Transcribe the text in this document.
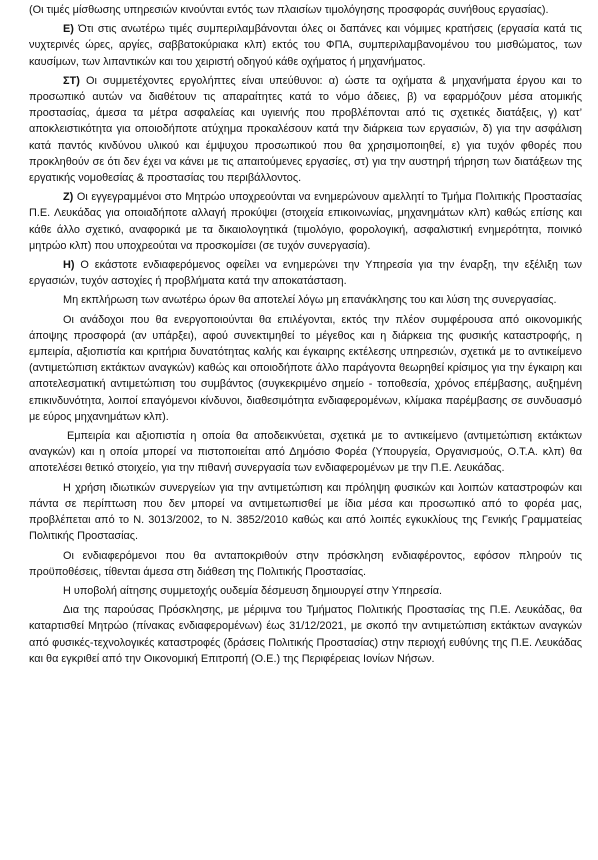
(Οι τιμές μίσθωσης υπηρεσιών κινούνται εντός των πλαισίων τιμολόγησης προσφοράς συνήθους εργασίας).

Ε) Ότι στις ανωτέρω τιμές συμπεριλαμβάνονται όλες οι δαπάνες και νόμιμες κρατήσεις (εργασία κατά τις νυχτερινές ώρες, αργίες, σαββατοκύριακα κλπ) εκτός του ΦΠΑ, συμπεριλαμβανομένου του μισθώματος, των καυσίμων, των λιπαντικών και του χειριστή οδηγού κάθε οχήματος ή μηχανήματος.

ΣΤ) Οι συμμετέχοντες εργολήπτες είναι υπεύθυνοι: α) ώστε τα οχήματα & μηχανήματα έργου και το προσωπικό αυτών να διαθέτουν τις απαραίτητες κατά το νόμο άδειες, β) να εφαρμόζουν μέσα ατομικής προστασίας, άμεσα τα μέτρα ασφαλείας και υγιεινής που προβλέπονται από τις σχετικές διατάξεις, γ) κατ’ αποκλειστικότητα για οποιοδήποτε ατύχημα προκαλέσουν κατά την διάρκεια των εργασιών, δ) για την ασφάλιση κατά παντός κινδύνου υλικού και έμψυχου προσωπικού που θα χρησιμοποιηθεί, ε) για τυχόν φθορές που προκληθούν σε ότι δεν έχει να κάνει με τις απαιτούμενες εργασίες, στ) για την αυστηρή τήρηση των διατάξεων της εργατικής νομοθεσίας & προστασίας του περιβάλλοντος.

Ζ) Οι εγγεγραμμένοι στο Μητρώο υποχρεούνται να ενημερώνουν αμελλητί το Τμήμα Πολιτικής Προστασίας Π.Ε. Λευκάδας για οποιαδήποτε αλλαγή προκύψει (στοιχεία επικοινωνίας, μηχανημάτων κλπ) καθώς επίσης και κάθε άλλο σχετικό, αναφορικά με τα δικαιολογητικά (τιμολόγιο, φορολογική, ασφαλιστική ενημερότητα, ποινικό μητρώο κλπ) που υποχρεούται να προσκομίσει (σε τυχόν συνεργασία).

Η) Ο εκάστοτε ενδιαφερόμενος οφείλει να ενημερώνει την Υπηρεσία για την έναρξη, την εξέλιξη των εργασιών, τυχόν αστοχίες ή προβλήματα κατά την αποκατάσταση.

Μη εκπλήρωση των ανωτέρω όρων θα αποτελεί λόγω μη επανάκλησης του και λύση της συνεργασίας.

Οι ανάδοχοι που θα ενεργοποιούνται θα επιλέγονται, εκτός την πλέον συμφέρουσα από οικονομικής άποψης προσφορά (αν υπάρξει), αφού συνεκτιμηθεί το μέγεθος και η διάρκεια της φυσικής καταστροφής, η εμπειρία, αξιοπιστία και κριτήρια δυνατότητας καλής και έγκαιρης εκτέλεσης υπηρεσιών, σχετικά με το αντικείμενο (αντιμετώπιση εκτάκτων αναγκών) καθώς και οποιοδήποτε άλλο παράγοντα θεωρηθεί κρίσιμος για την έγκαιρη και αποτελεσματική αντιμετώπιση του συμβάντος (συγκεκριμένο σημείο - τοποθεσία, χρόνος επέμβασης, αυξημένη επικινδυνότητα, λοιποί επαγόμενοι κίνδυνοι, διαθεσιμότητα ενδιαφερομένων, κλίμακα παρέμβασης σε συνδυασμό με εύρος μηχανημάτων κλπ).

Εμπειρία και αξιοπιστία η οποία θα αποδεικνύεται, σχετικά με το αντικείμενο (αντιμετώπιση εκτάκτων αναγκών) και η οποία μπορεί να πιστοποιείται από Δημόσιο Φορέα (Υπουργεία, Οργανισμούς, Ο.Τ.Α. κλπ) θα αποτελέσει θετικό στοιχείο, για την πιθανή συνεργασία των ενδιαφερομένων με την Π.Ε. Λευκάδας.

Η χρήση ιδιωτικών συνεργείων για την αντιμετώπιση και πρόληψη φυσικών και λοιπών καταστροφών και πάντα σε περίπτωση που δεν μπορεί να αντιμετωπισθεί με ίδια μέσα και προσωπικό από το φορέα μας, προβλέπεται από το Ν. 3013/2002, το Ν. 3852/2010 καθώς και από λοιπές εγκυκλίους της Γενικής Γραμματείας Πολιτικής Προστασίας.

Οι ενδιαφερόμενοι που θα ανταποκριθούν στην πρόσκληση ενδιαφέροντος, εφόσον πληρούν τις προϋποθέσεις, τίθενται άμεσα στη διάθεση της Πολιτικής Προστασίας.

Η υποβολή αίτησης συμμετοχής ουδεμία δέσμευση δημιουργεί στην Υπηρεσία.

Δια της παρούσας Πρόσκλησης, με μέριμνα του Τμήματος Πολιτικής Προστασίας της Π.Ε. Λευκάδας, θα καταρτισθεί Μητρώο (πίνακας ενδιαφερομένων) έως 31/12/2021, με σκοπό την αντιμετώπιση εκτάκτων αναγκών από φυσικές-τεχνολογικές καταστροφές (δράσεις Πολιτικής Προστασίας) στην περιοχή ευθύνης της Π.Ε. Λευκάδας και θα εγκριθεί από την Οικονομική Επιτροπή (Ο.Ε.) της Περιφέρειας Ιονίων Νήσων.
